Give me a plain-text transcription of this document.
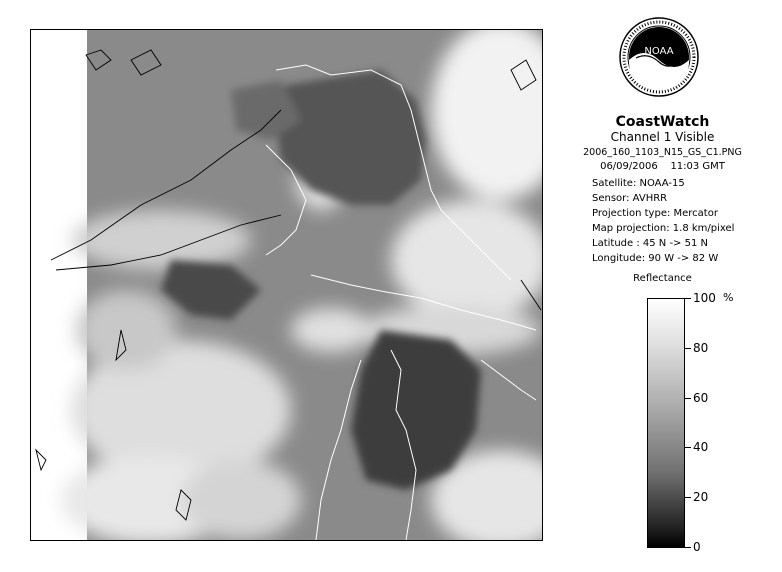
NOAA
CoastWatch
Channel 1 Visible
2006_160_1103_N15_GS_C1.PNG
06/09/2006 11:03 GMT
Satellite: NOAA-15
Sensor: AVHRR
Projection type: Mercator
Map projection: 1.8 km/pixel
Latitude : 45 N -> 51 N
Longitude: 90 W -> 82 W
Reflectance
%
100
80
60
40
20
0
